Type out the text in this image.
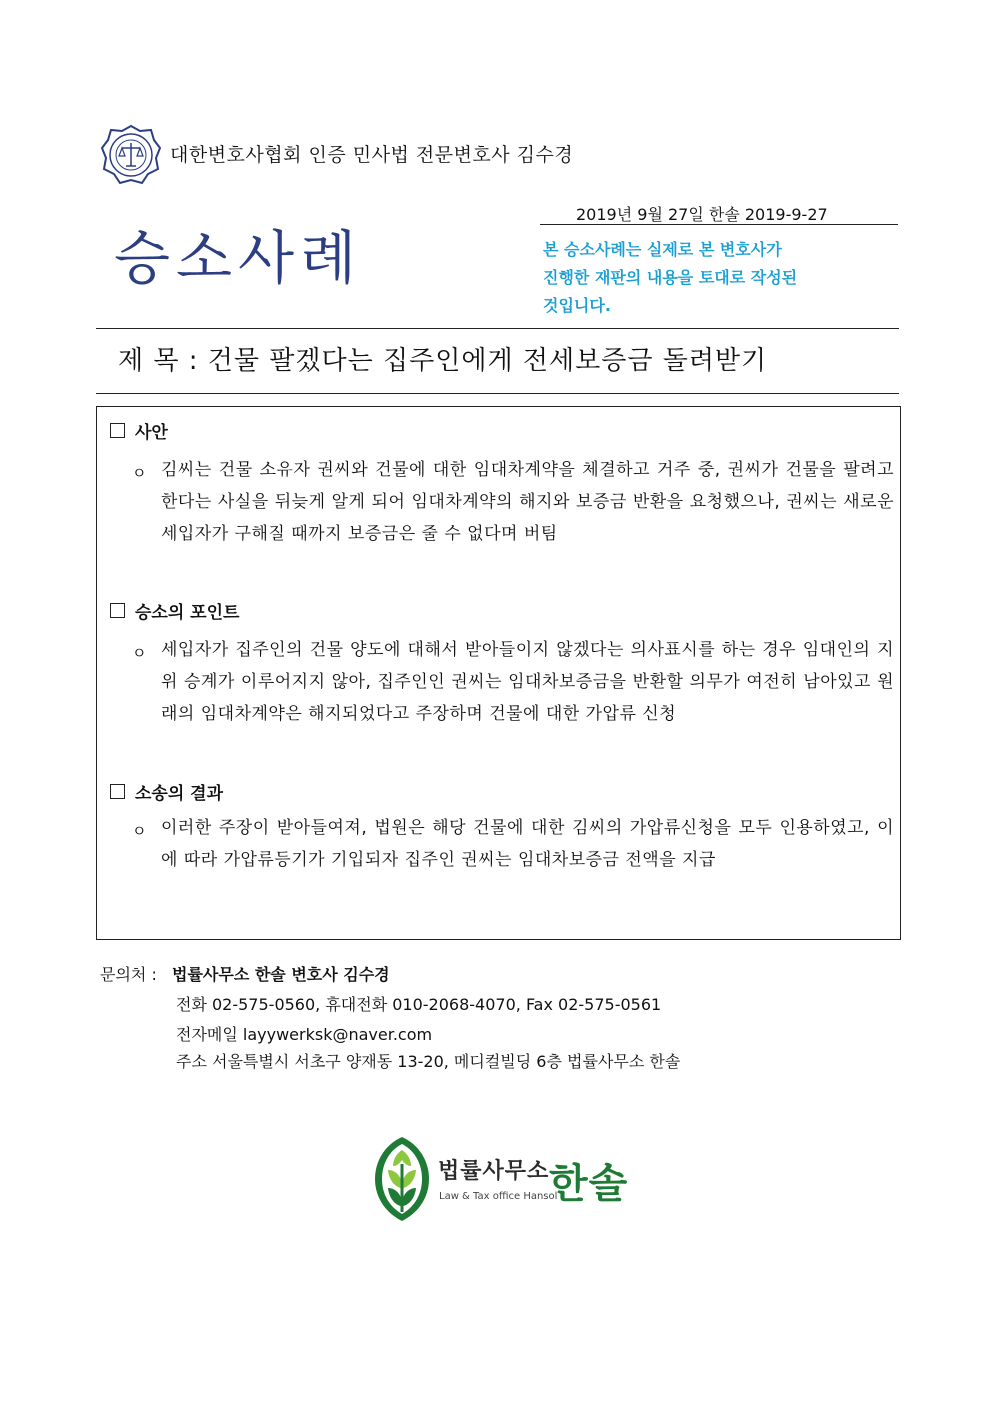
대한변호사협회 인증 민사법 전문변호사 김수경
2019년 9월 27일 한솔 2019-9-27
승소사례	본 승소사례는 실제로 본 변호사가
진행한 재판의 내용을 토대로 작성된
것입니다.
제 목 : 건물 팔겠다는 집주인에게 전세보증금 돌려받기
사안
ㅇ 김씨는 건물 소유자 권씨와 건물에 대한 임대차계약을 체결하고 거주 중, 권씨가 건물을 팔려고 한다는 사실을 뒤늦게 알게 되어 임대차계약의 해지와 보증금 반환을 요청했으나, 권씨는 새로운 세입자가 구해질 때까지 보증금은 줄 수 없다며 버팀
승소의 포인트
ㅇ 세입자가 집주인의 건물 양도에 대해서 받아들이지 않겠다는 의사표시를 하는 경우 임대인의 지위 승계가 이루어지지 않아, 집주인인 권씨는 임대차보증금을 반환할 의무가 여전히 남아있고 원래의 임대차계약은 해지되었다고 주장하며 건물에 대한 가압류 신청
소송의 결과
ㅇ 이러한 주장이 받아들여져, 법원은 해당 건물에 대한 김씨의 가압류신청을 모두 인용하였고, 이에 따라 가압류등기가 기입되자 집주인 권씨는 임대차보증금 전액을 지급
문의처 : 법률사무소 한솔 변호사 김수경
전화 02-575-0560, 휴대전화 010-2068-4070, Fax 02-575-0561
전자메일 layywerksk@naver.com
주소 서울특별시 서초구 양재동 13-20, 메디컬빌딩 6층 법률사무소 한솔
법률사무소
Law & Tax office Hansol
한솔
